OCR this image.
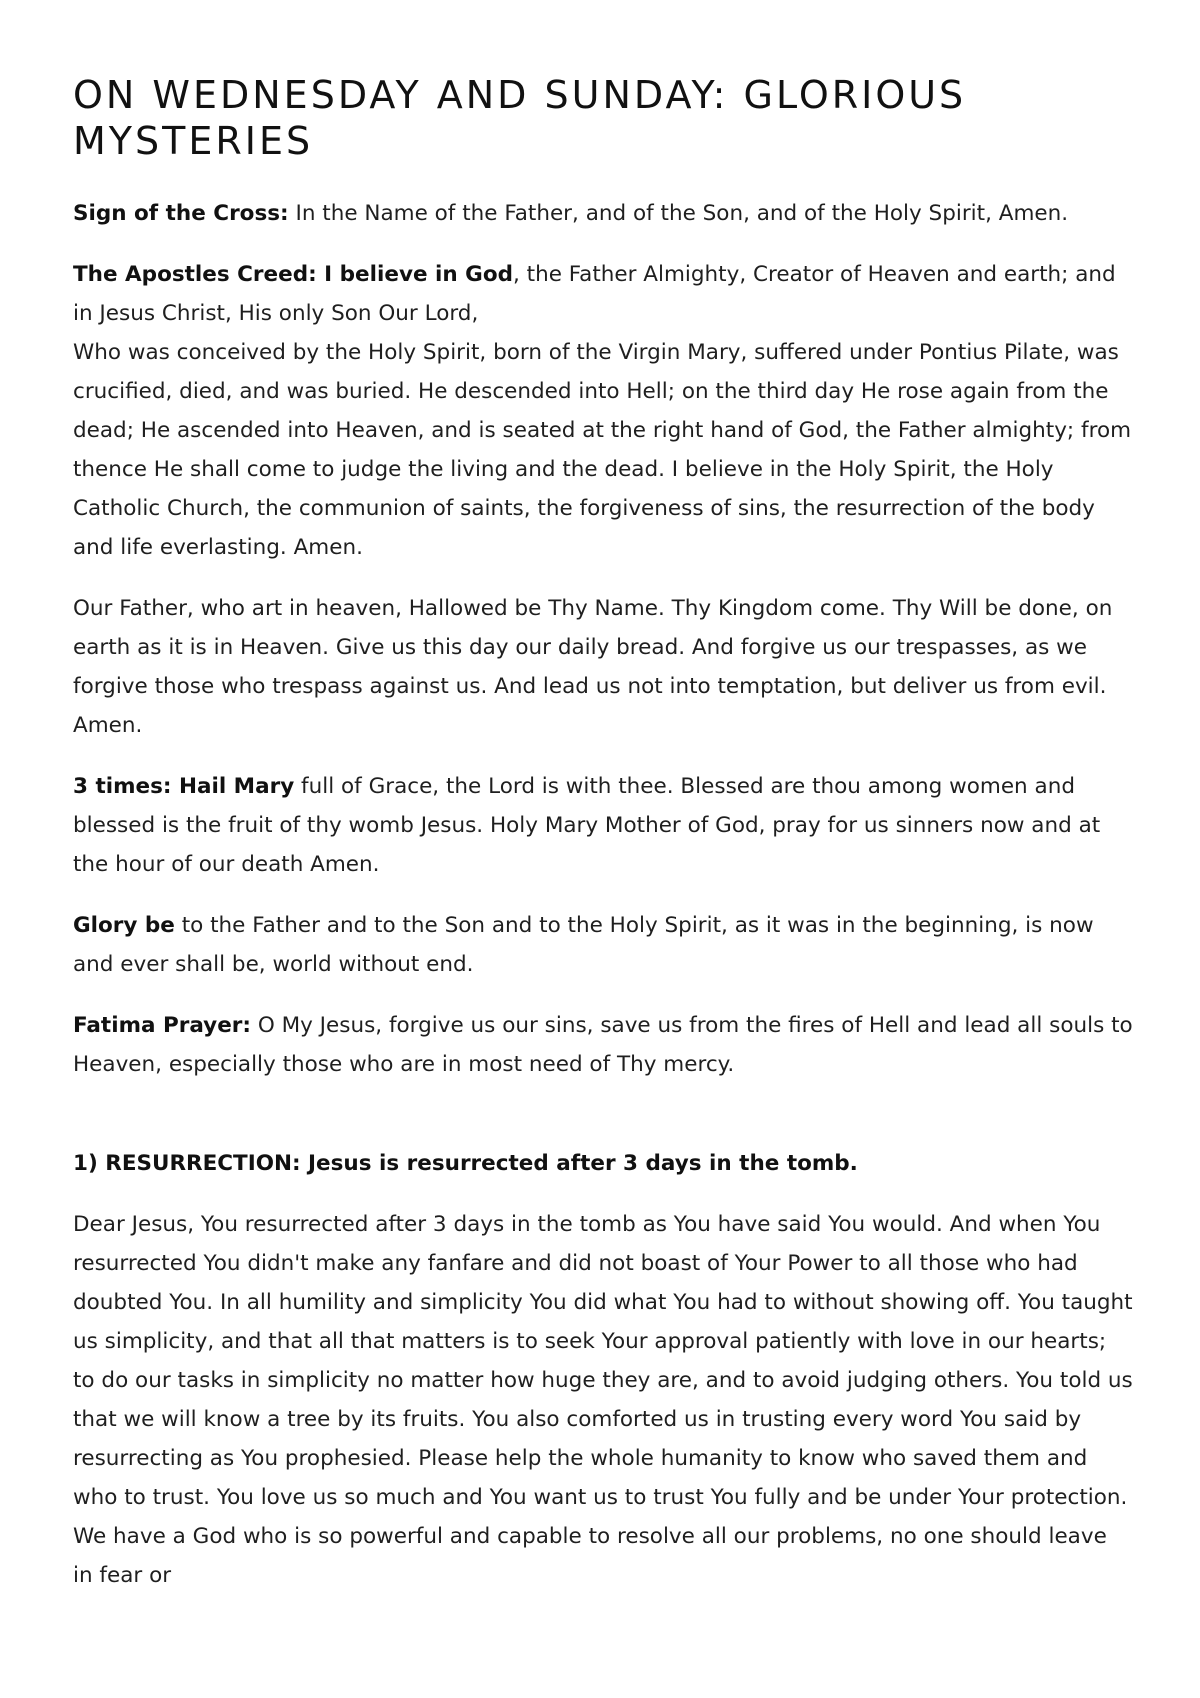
ON WEDNESDAY AND SUNDAY: GLORIOUS MYSTERIES

Sign of the Cross: In the Name of the Father, and of the Son, and of the Holy Spirit, Amen.

The Apostles Creed: I believe in God, the Father Almighty, Creator of Heaven and earth; and in Jesus Christ, His only Son Our Lord,

Who was conceived by the Holy Spirit, born of the Virgin Mary, suffered under Pontius Pilate, was crucified, died, and was buried. He descended into Hell; on the third day He rose again from the dead; He ascended into Heaven, and is seated at the right hand of God, the Father almighty; from thence He shall come to judge the living and the dead. I believe in the Holy Spirit, the Holy Catholic Church, the communion of saints, the forgiveness of sins, the resurrection of the body and life everlasting. Amen.

Our Father, who art in heaven, Hallowed be Thy Name. Thy Kingdom come. Thy Will be done, on earth as it is in Heaven. Give us this day our daily bread. And forgive us our trespasses, as we forgive those who trespass against us. And lead us not into temptation, but deliver us from evil. Amen.

3 times: Hail Mary full of Grace, the Lord is with thee. Blessed are thou among women and blessed is the fruit of thy womb Jesus. Holy Mary Mother of God, pray for us sinners now and at the hour of our death Amen.

Glory be to the Father and to the Son and to the Holy Spirit, as it was in the beginning, is now and ever shall be, world without end.

Fatima Prayer: O My Jesus, forgive us our sins, save us from the fires of Hell and lead all souls to Heaven, especially those who are in most need of Thy mercy.

1) RESURRECTION: Jesus is resurrected after 3 days in the tomb.

Dear Jesus, You resurrected after 3 days in the tomb as You have said You would. And when You resurrected You didn't make any fanfare and did not boast of Your Power to all those who had doubted You. In all humility and simplicity You did what You had to without showing off. You taught us simplicity, and that all that matters is to seek Your approval patiently with love in our hearts; to do our tasks in simplicity no matter how huge they are, and to avoid judging others. You told us that we will know a tree by its fruits. You also comforted us in trusting every word You said by resurrecting as You prophesied. Please help the whole humanity to know who saved them and who to trust. You love us so much and You want us to trust You fully and be under Your protection. We have a God who is so powerful and capable to resolve all our problems, no one should leave in fear or
